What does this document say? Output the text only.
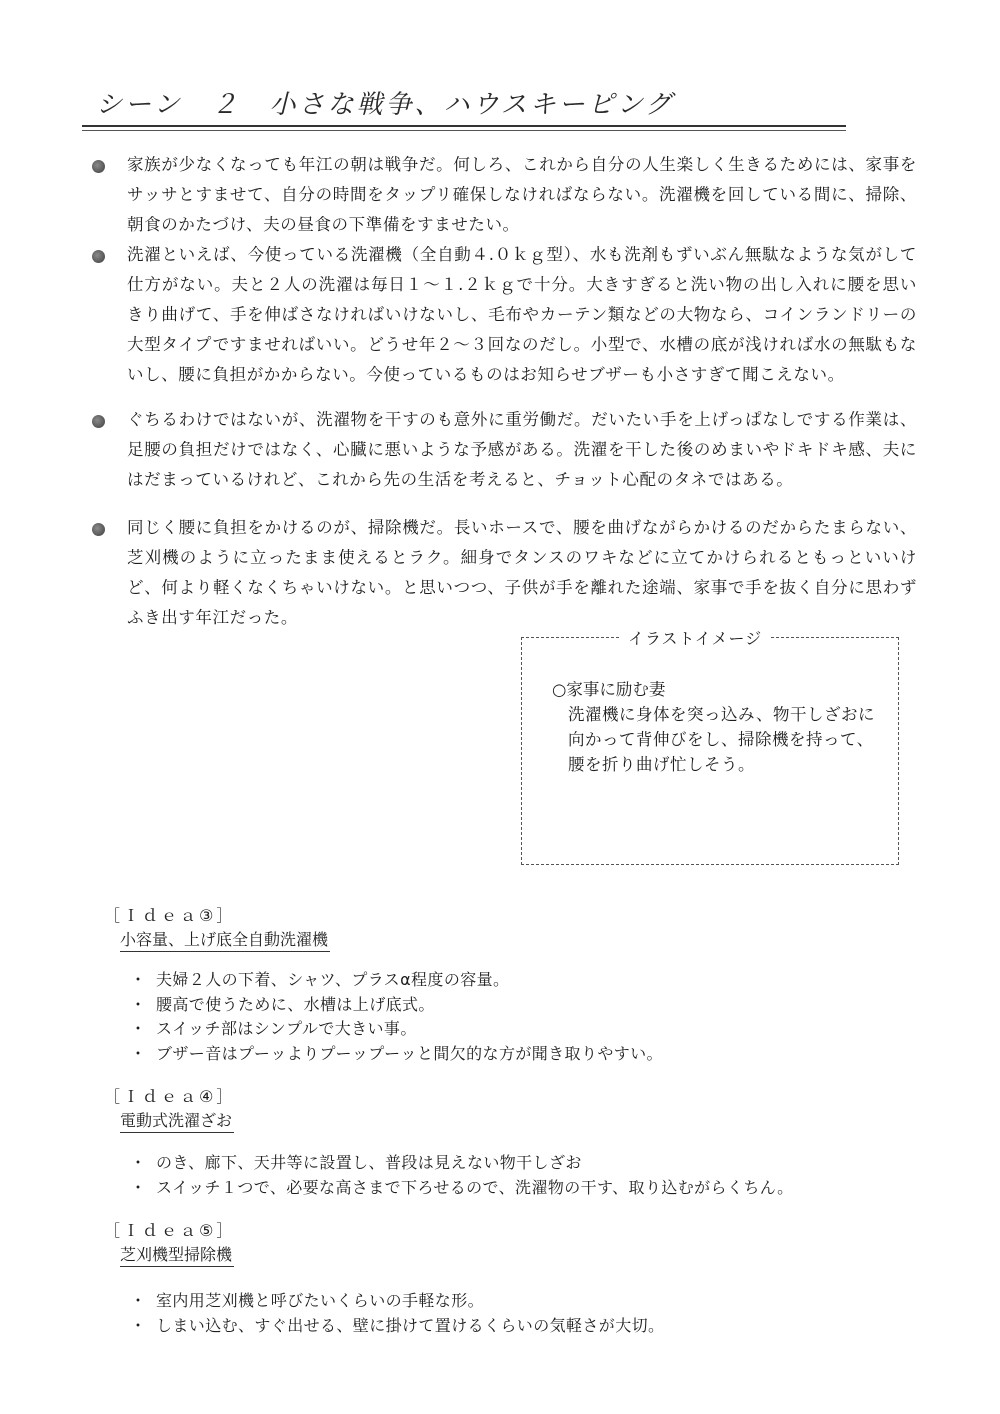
シーン　２　小さな戦争、ハウスキーピング
家族が少なくなっても年江の朝は戦争だ。何しろ、これから自分の人生楽しく生きるためには、家事をサッサとすませて、自分の時間をタップリ確保しなければならない。洗濯機を回している間に、掃除、朝食のかたづけ、夫の昼食の下準備をすませたい。
洗濯といえば、今使っている洗濯機（全自動４.０ｋｇ型）、水も洗剤もずいぶん無駄なような気がして仕方がない。夫と２人の洗濯は毎日１～１.２ｋｇで十分。大きすぎると洗い物の出し入れに腰を思いきり曲げて、手を伸ばさなければいけないし、毛布やカーテン類などの大物なら、コインランドリーの大型タイプですませればいい。どうせ年２～３回なのだし。小型で、水槽の底が浅ければ水の無駄もないし、腰に負担がかからない。今使っているものはお知らせブザーも小さすぎて聞こえない。
ぐちるわけではないが、洗濯物を干すのも意外に重労働だ。だいたい手を上げっぱなしでする作業は、足腰の負担だけではなく、心臓に悪いような予感がある。洗濯を干した後のめまいやドキドキ感、夫にはだまっているけれど、これから先の生活を考えると、チョット心配のタネではある。
同じく腰に負担をかけるのが、掃除機だ。長いホースで、腰を曲げながらかけるのだからたまらない、芝刈機のように立ったまま使えるとラク。細身でタンスのワキなどに立てかけられるともっといいけど、何より軽くなくちゃいけない。と思いつつ、子供が手を離れた途端、家事で手を抜く自分に思わずふき出す年江だった。
イラストイメージ
○家事に励む妻
洗濯機に身体を突っ込み、物干しざおに向かって背伸びをし、掃除機を持って、腰を折り曲げ忙しそう。
［Ｉｄｅａ③］
小容量、上げ底全自動洗濯機
・ 夫婦２人の下着、シャツ、プラスα程度の容量。
・ 腰高で使うために、水槽は上げ底式。
・ スイッチ部はシンプルで大きい事。
・ ブザー音はプーッよりプーップーッと間欠的な方が聞き取りやすい。
［Ｉｄｅａ④］
電動式洗濯ざお
・ のき、廊下、天井等に設置し、普段は見えない物干しざお
・ スイッチ１つで、必要な高さまで下ろせるので、洗濯物の干す、取り込むがらくちん。
［Ｉｄｅａ⑤］
芝刈機型掃除機
・ 室内用芝刈機と呼びたいくらいの手軽な形。
・ しまい込む、すぐ出せる、壁に掛けて置けるくらいの気軽さが大切。
